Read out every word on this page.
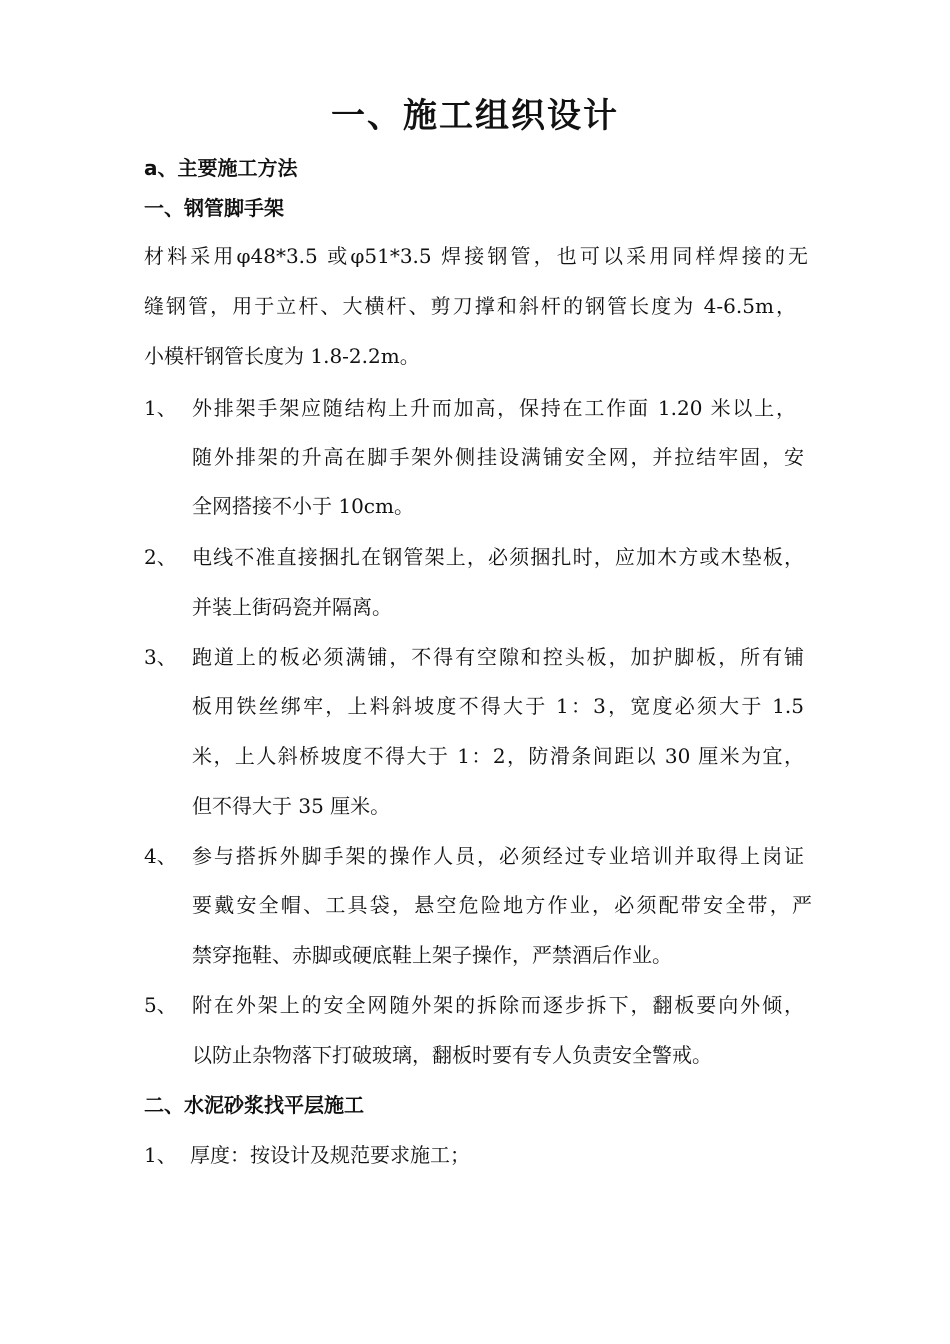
一、施工组织设计
a、主要施工方法
一、钢管脚手架
材料采用φ48*3.5 或φ51*3.5 焊接钢管，也可以采用同样焊接的无
缝钢管，用于立杆、大横杆、剪刀撑和斜杆的钢管长度为 4-6.5m，
小模杆钢管长度为 1.8-2.2m。
1、 外排架手架应随结构上升而加高，保持在工作面 1.20 米以上，
随外排架的升高在脚手架外侧挂设满铺安全网，并拉结牢固，安
全网搭接不小于 10cm。
2、 电线不准直接捆扎在钢管架上，必须捆扎时，应加木方或木垫板，
并装上街码瓷并隔离。
3、 跑道上的板必须满铺，不得有空隙和控头板，加护脚板，所有铺
板用铁丝绑牢，上料斜坡度不得大于 1：3，宽度必须大于 1.5
米，上人斜桥坡度不得大于 1：2，防滑条间距以 30 厘米为宜，
但不得大于 35 厘米。
4、 参与搭拆外脚手架的操作人员，必须经过专业培训并取得上岗证
要戴安全帽、工具袋，悬空危险地方作业，必须配带安全带，严
禁穿拖鞋、赤脚或硬底鞋上架子操作，严禁酒后作业。
5、 附在外架上的安全网随外架的拆除而逐步拆下，翻板要向外倾，
以防止杂物落下打破玻璃，翻板时要有专人负责安全警戒。
二、水泥砂浆找平层施工
1、 厚度：按设计及规范要求施工；
